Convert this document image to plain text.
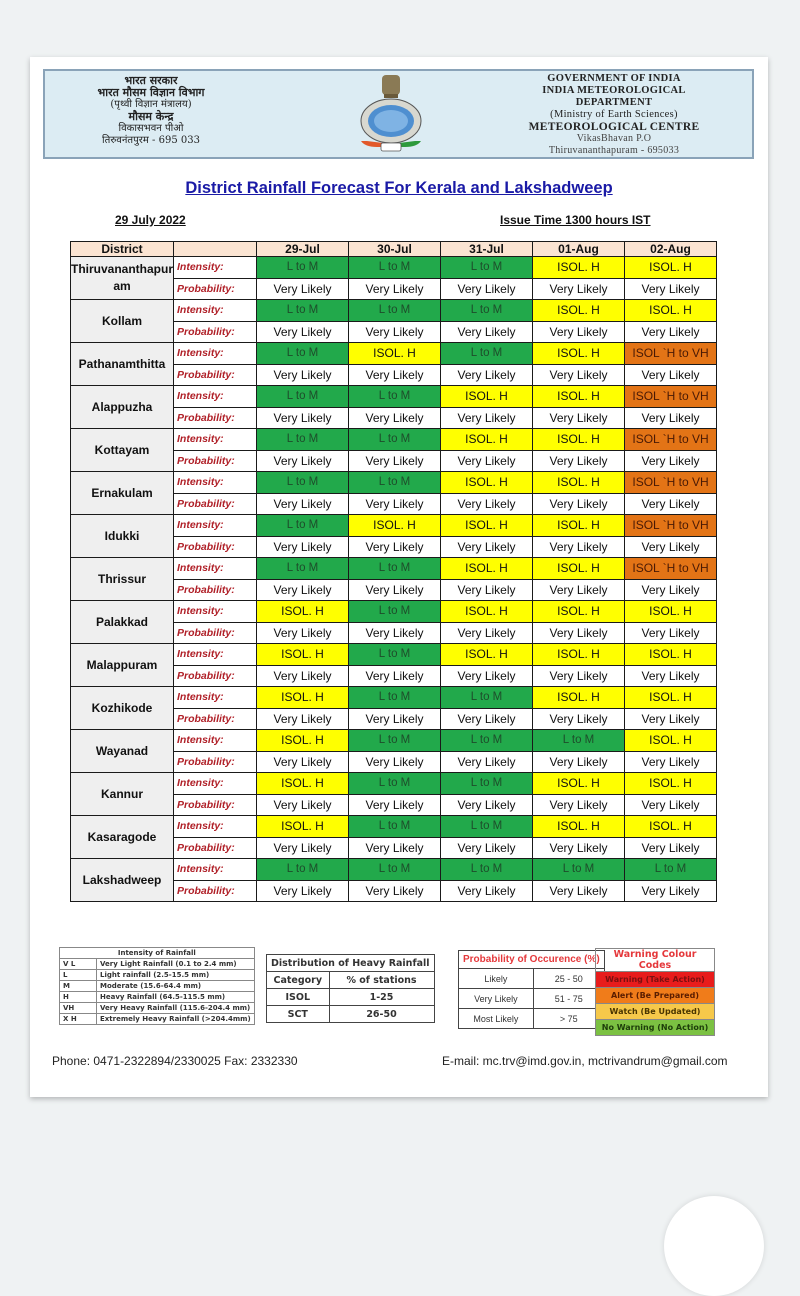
भारत सरकार
भारत मौसम विज्ञान विभाग
(पृथ्वी विज्ञान मंत्रालय)
मौसम केन्द्र
विकासभवन पीओ
तिरुवनंतपुरम - 695 033
GOVERNMENT OF INDIA
INDIA METEOROLOGICAL
DEPARTMENT
(Ministry of Earth Sciences)
METEOROLOGICAL CENTRE
VikasBhavan P.O
Thiruvananthapuram - 695033
District Rainfall Forecast For Kerala and Lakshadweep
29 July 2022	Issue Time 1300 hours IST
District		29-Jul	30-Jul	31-Jul	01-Aug	02-Aug
Thiruvananthapuram	Intensity:	L to M	L to M	L to M	ISOL. H	ISOL. H
	Probability:	Very Likely	Very Likely	Very Likely	Very Likely	Very Likely
Kollam	Intensity:	L to M	L to M	L to M	ISOL. H	ISOL. H
	Probability:	Very Likely	Very Likely	Very Likely	Very Likely	Very Likely
Pathanamthitta	Intensity:	L to M	ISOL. H	L to M	ISOL. H	ISOL `H to VH
	Probability:	Very Likely	Very Likely	Very Likely	Very Likely	Very Likely
Alappuzha	Intensity:	L to M	L to M	ISOL. H	ISOL. H	ISOL `H to VH
	Probability:	Very Likely	Very Likely	Very Likely	Very Likely	Very Likely
Kottayam	Intensity:	L to M	L to M	ISOL. H	ISOL. H	ISOL `H to VH
	Probability:	Very Likely	Very Likely	Very Likely	Very Likely	Very Likely
Ernakulam	Intensity:	L to M	L to M	ISOL. H	ISOL. H	ISOL `H to VH
	Probability:	Very Likely	Very Likely	Very Likely	Very Likely	Very Likely
Idukki	Intensity:	L to M	ISOL. H	ISOL. H	ISOL. H	ISOL `H to VH
	Probability:	Very Likely	Very Likely	Very Likely	Very Likely	Very Likely
Thrissur	Intensity:	L to M	L to M	ISOL. H	ISOL. H	ISOL `H to VH
	Probability:	Very Likely	Very Likely	Very Likely	Very Likely	Very Likely
Palakkad	Intensity:	ISOL. H	L to M	ISOL. H	ISOL. H	ISOL. H
	Probability:	Very Likely	Very Likely	Very Likely	Very Likely	Very Likely
Malappuram	Intensity:	ISOL. H	L to M	ISOL. H	ISOL. H	ISOL. H
	Probability:	Very Likely	Very Likely	Very Likely	Very Likely	Very Likely
Kozhikode	Intensity:	ISOL. H	L to M	L to M	ISOL. H	ISOL. H
	Probability:	Very Likely	Very Likely	Very Likely	Very Likely	Very Likely
Wayanad	Intensity:	ISOL. H	L to M	L to M	L to M	ISOL. H
	Probability:	Very Likely	Very Likely	Very Likely	Very Likely	Very Likely
Kannur	Intensity:	ISOL. H	L to M	L to M	ISOL. H	ISOL. H
	Probability:	Very Likely	Very Likely	Very Likely	Very Likely	Very Likely
Kasaragode	Intensity:	ISOL. H	L to M	L to M	ISOL. H	ISOL. H
	Probability:	Very Likely	Very Likely	Very Likely	Very Likely	Very Likely
Lakshadweep	Intensity:	L to M	L to M	L to M	L to M	L to M
	Probability:	Very Likely	Very Likely	Very Likely	Very Likely	Very Likely
Intensity of Rainfall	
V L	Very Light Rainfall (0.1 to 2.4 mm)
L	Light rainfall (2.5-15.5 mm)
M	Moderate (15.6-64.4 mm)
H	Heavy Rainfall (64.5-115.5 mm)
VH	Very Heavy Rainfall (115.6-204.4 mm)
X H	Extremely Heavy Rainfall (>204.4mm)
Distribution of Heavy Rainfall	
Category	% of stations
ISOL	1-25
SCT	26-50
Probability of Occurence (%)	
Likely	25 - 50
Very Likely	51 - 75
Most Likely	> 75
Warning Colour Codes
Warning (Take Action)
Alert (Be Prepared)
Watch (Be Updated)
No Warning (No Action)
Phone: 0471-2322894/2330025 Fax: 2332330	E-mail: mc.trv@imd.gov.in, mctrivandrum@gmail.com
